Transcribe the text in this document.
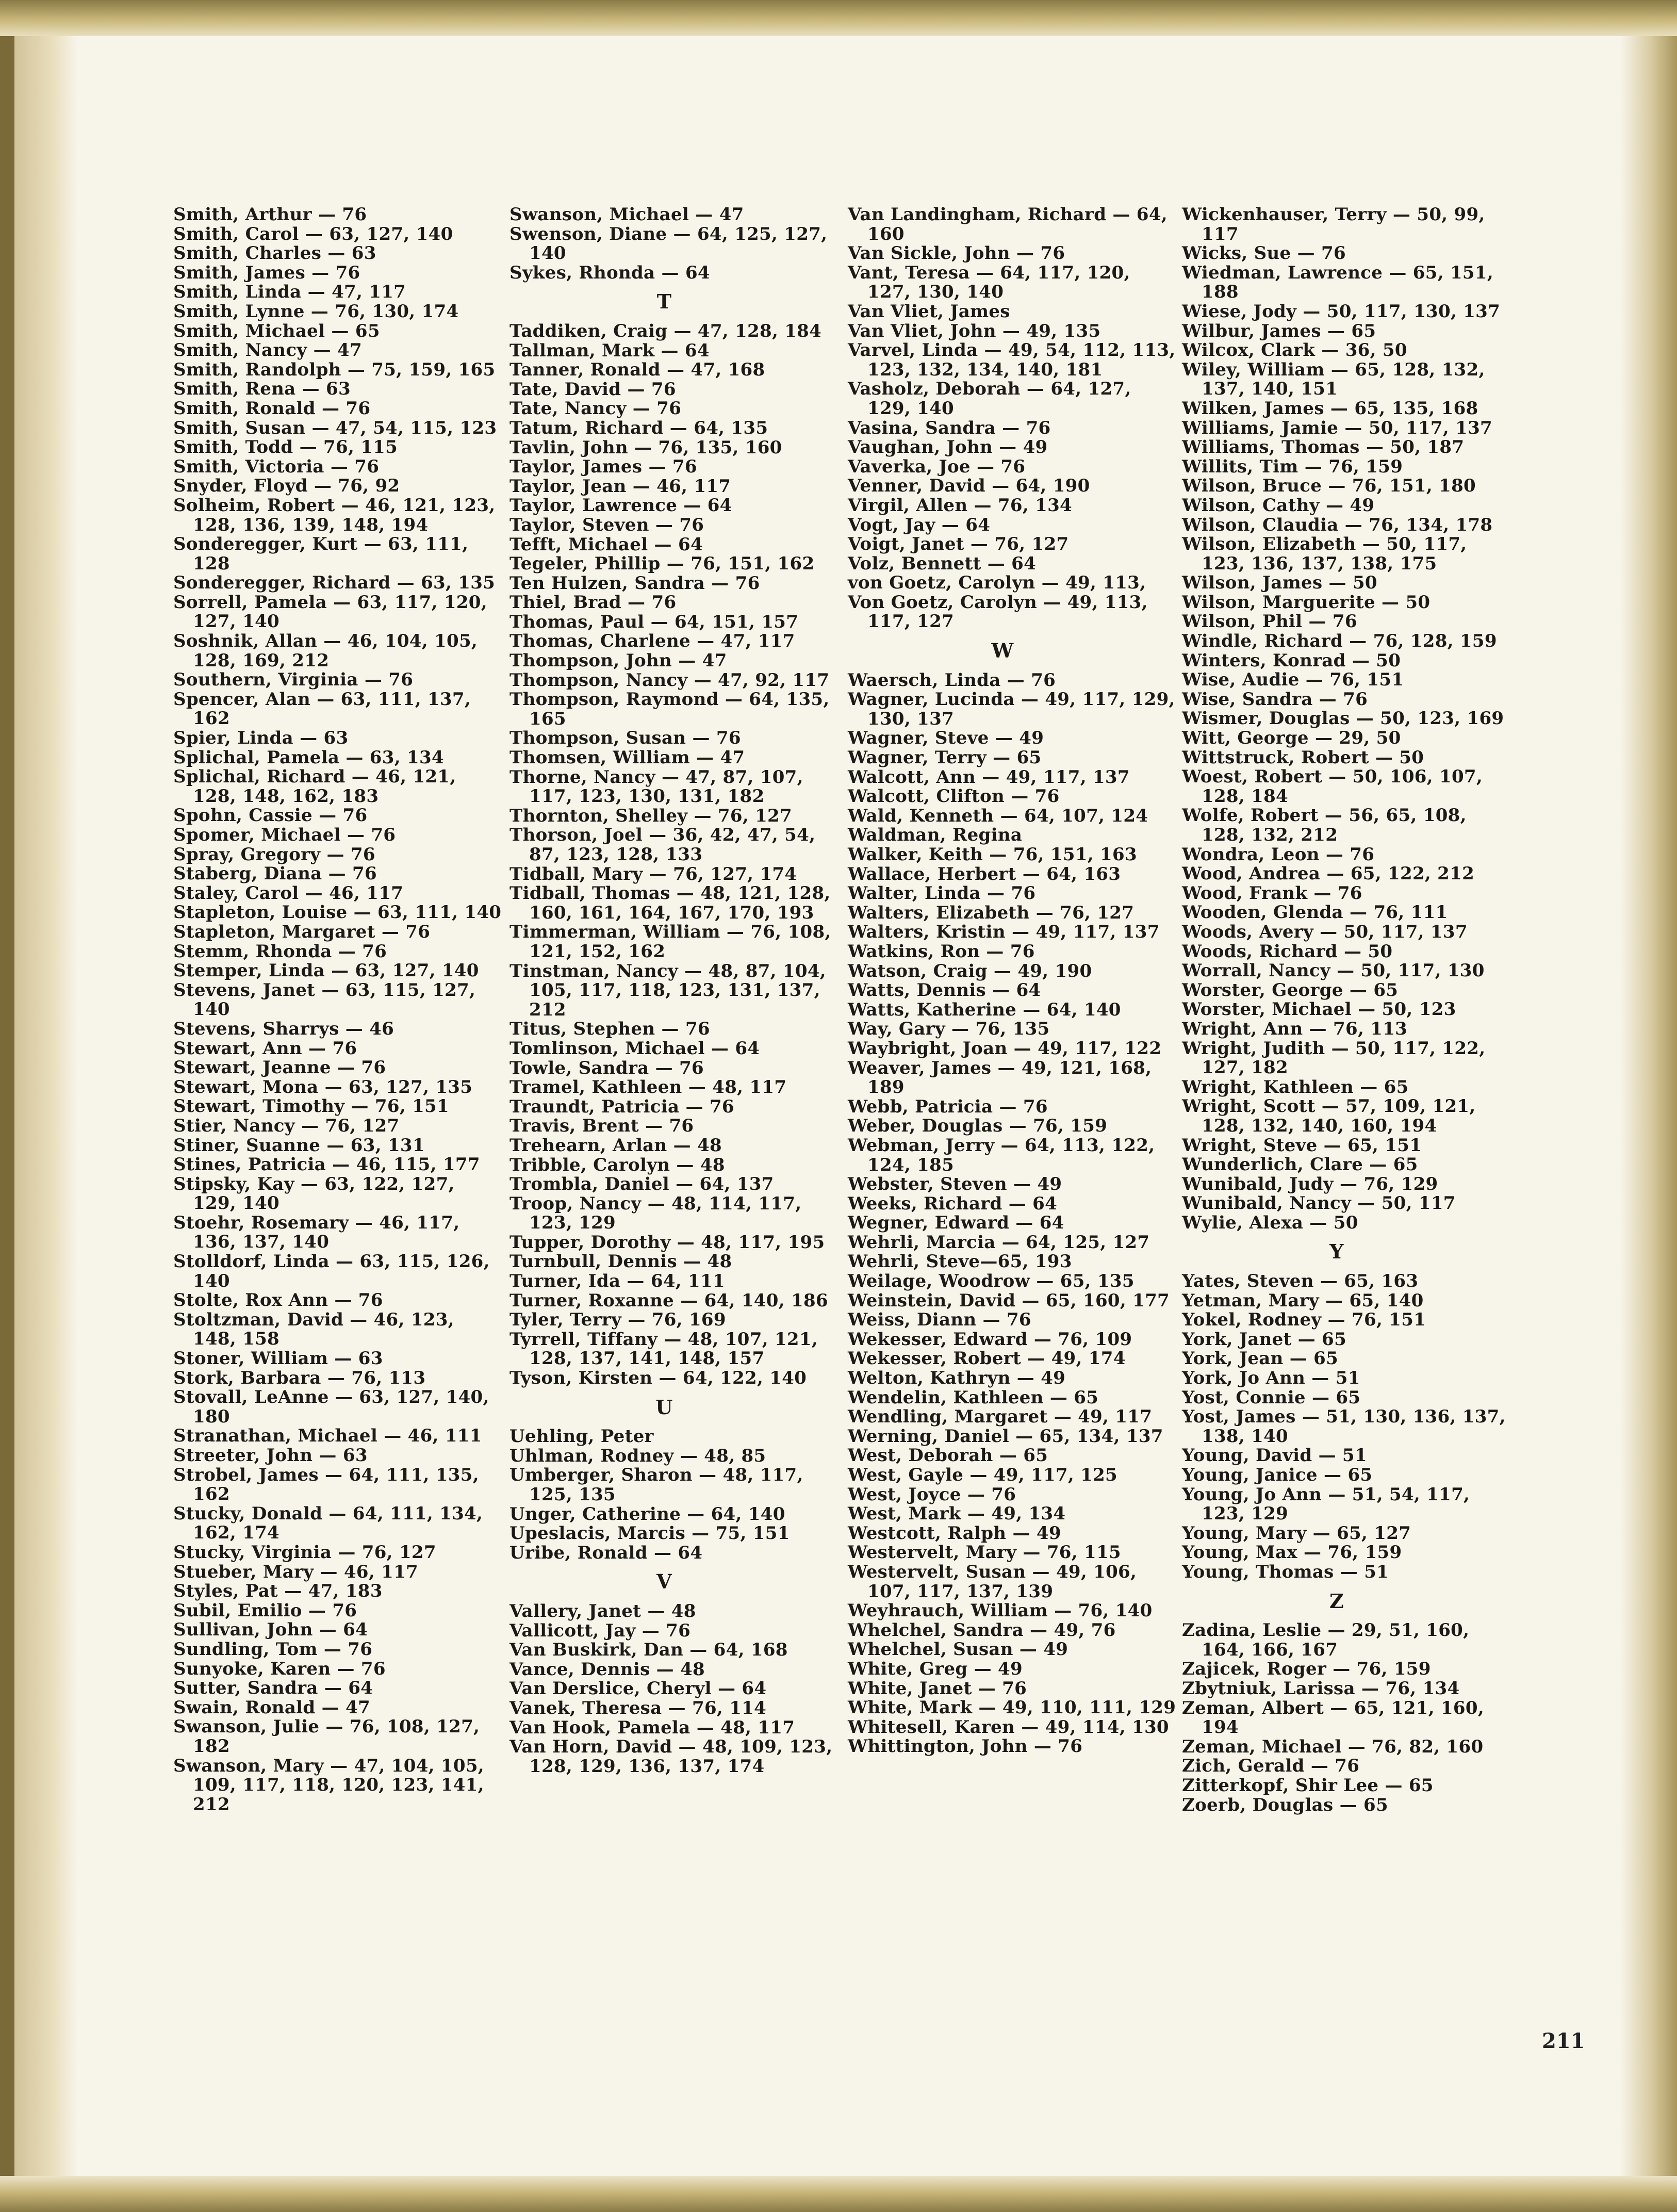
Smith, Arthur — 76
Smith, Carol — 63, 127, 140
Smith, Charles — 63
Smith, James — 76
Smith, Linda — 47, 117
Smith, Lynne — 76, 130, 174
Smith, Michael — 65
Smith, Nancy — 47
Smith, Randolph — 75, 159, 165
Smith, Rena — 63
Smith, Ronald — 76
Smith, Susan — 47, 54, 115, 123
Smith, Todd — 76, 115
Smith, Victoria — 76
Snyder, Floyd — 76, 92
Solheim, Robert — 46, 121, 123, 128, 136, 139, 148, 194
Sonderegger, Kurt — 63, 111, 128
Sonderegger, Richard — 63, 135
Sorrell, Pamela — 63, 117, 120, 127, 140
Soshnik, Allan — 46, 104, 105, 128, 169, 212
Southern, Virginia — 76
Spencer, Alan — 63, 111, 137, 162
Spier, Linda — 63
Splichal, Pamela — 63, 134
Splichal, Richard — 46, 121, 128, 148, 162, 183
Spohn, Cassie — 76
Spomer, Michael — 76
Spray, Gregory — 76
Staberg, Diana — 76
Staley, Carol — 46, 117
Stapleton, Louise — 63, 111, 140
Stapleton, Margaret — 76
Stemm, Rhonda — 76
Stemper, Linda — 63, 127, 140
Stevens, Janet — 63, 115, 127, 140
Stevens, Sharrys — 46
Stewart, Ann — 76
Stewart, Jeanne — 76
Stewart, Mona — 63, 127, 135
Stewart, Timothy — 76, 151
Stier, Nancy — 76, 127
Stiner, Suanne — 63, 131
Stines, Patricia — 46, 115, 177
Stipsky, Kay — 63, 122, 127, 129, 140
Stoehr, Rosemary — 46, 117, 136, 137, 140
Stolldorf, Linda — 63, 115, 126, 140
Stolte, Rox Ann — 76
Stoltzman, David — 46, 123, 148, 158
Stoner, William — 63
Stork, Barbara — 76, 113
Stovall, LeAnne — 63, 127, 140, 180
Stranathan, Michael — 46, 111
Streeter, John — 63
Strobel, James — 64, 111, 135, 162
Stucky, Donald — 64, 111, 134, 162, 174
Stucky, Virginia — 76, 127
Stueber, Mary — 46, 117
Styles, Pat — 47, 183
Subil, Emilio — 76
Sullivan, John — 64
Sundling, Tom — 76
Sunyoke, Karen — 76
Sutter, Sandra — 64
Swain, Ronald — 47
Swanson, Julie — 76, 108, 127, 182
Swanson, Mary — 47, 104, 105, 109, 117, 118, 120, 123, 141, 212
Swanson, Michael — 47
Swenson, Diane — 64, 125, 127, 140
Sykes, Rhonda — 64
T
Taddiken, Craig — 47, 128, 184
Tallman, Mark — 64
Tanner, Ronald — 47, 168
Tate, David — 76
Tate, Nancy — 76
Tatum, Richard — 64, 135
Tavlin, John — 76, 135, 160
Taylor, James — 76
Taylor, Jean — 46, 117
Taylor, Lawrence — 64
Taylor, Steven — 76
Tefft, Michael — 64
Tegeler, Phillip — 76, 151, 162
Ten Hulzen, Sandra — 76
Thiel, Brad — 76
Thomas, Paul — 64, 151, 157
Thomas, Charlene — 47, 117
Thompson, John — 47
Thompson, Nancy — 47, 92, 117
Thompson, Raymond — 64, 135, 165
Thompson, Susan — 76
Thomsen, William — 47
Thorne, Nancy — 47, 87, 107, 117, 123, 130, 131, 182
Thornton, Shelley — 76, 127
Thorson, Joel — 36, 42, 47, 54, 87, 123, 128, 133
Tidball, Mary — 76, 127, 174
Tidball, Thomas — 48, 121, 128, 160, 161, 164, 167, 170, 193
Timmerman, William — 76, 108, 121, 152, 162
Tinstman, Nancy — 48, 87, 104, 105, 117, 118, 123, 131, 137, 212
Titus, Stephen — 76
Tomlinson, Michael — 64
Towle, Sandra — 76
Tramel, Kathleen — 48, 117
Traundt, Patricia — 76
Travis, Brent — 76
Trehearn, Arlan — 48
Tribble, Carolyn — 48
Trombla, Daniel — 64, 137
Troop, Nancy — 48, 114, 117, 123, 129
Tupper, Dorothy — 48, 117, 195
Turnbull, Dennis — 48
Turner, Ida — 64, 111
Turner, Roxanne — 64, 140, 186
Tyler, Terry — 76, 169
Tyrrell, Tiffany — 48, 107, 121, 128, 137, 141, 148, 157
Tyson, Kirsten — 64, 122, 140
U
Uehling, Peter
Uhlman, Rodney — 48, 85
Umberger, Sharon — 48, 117, 125, 135
Unger, Catherine — 64, 140
Upeslacis, Marcis — 75, 151
Uribe, Ronald — 64
V
Vallery, Janet — 48
Vallicott, Jay — 76
Van Buskirk, Dan — 64, 168
Vance, Dennis — 48
Van Derslice, Cheryl — 64
Vanek, Theresa — 76, 114
Van Hook, Pamela — 48, 117
Van Horn, David — 48, 109, 123, 128, 129, 136, 137, 174
Van Landingham, Richard — 64, 160
Van Sickle, John — 76
Vant, Teresa — 64, 117, 120, 127, 130, 140
Van Vliet, James
Van Vliet, John — 49, 135
Varvel, Linda — 49, 54, 112, 113, 123, 132, 134, 140, 181
Vasholz, Deborah — 64, 127, 129, 140
Vasina, Sandra — 76
Vaughan, John — 49
Vaverka, Joe — 76
Venner, David — 64, 190
Virgil, Allen — 76, 134
Vogt, Jay — 64
Voigt, Janet — 76, 127
Volz, Bennett — 64
von Goetz, Carolyn — 49, 113,
Von Goetz, Carolyn — 49, 113, 117, 127
W
Waersch, Linda — 76
Wagner, Lucinda — 49, 117, 129, 130, 137
Wagner, Steve — 49
Wagner, Terry — 65
Walcott, Ann — 49, 117, 137
Walcott, Clifton — 76
Wald, Kenneth — 64, 107, 124
Waldman, Regina
Walker, Keith — 76, 151, 163
Wallace, Herbert — 64, 163
Walter, Linda — 76
Walters, Elizabeth — 76, 127
Walters, Kristin — 49, 117, 137
Watkins, Ron — 76
Watson, Craig — 49, 190
Watts, Dennis — 64
Watts, Katherine — 64, 140
Way, Gary — 76, 135
Waybright, Joan — 49, 117, 122
Weaver, James — 49, 121, 168, 189
Webb, Patricia — 76
Weber, Douglas — 76, 159
Webman, Jerry — 64, 113, 122, 124, 185
Webster, Steven — 49
Weeks, Richard — 64
Wegner, Edward — 64
Wehrli, Marcia — 64, 125, 127
Wehrli, Steve—65, 193
Weilage, Woodrow — 65, 135
Weinstein, David — 65, 160, 177
Weiss, Diann — 76
Wekesser, Edward — 76, 109
Wekesser, Robert — 49, 174
Welton, Kathryn — 49
Wendelin, Kathleen — 65
Wendling, Margaret — 49, 117
Werning, Daniel — 65, 134, 137
West, Deborah — 65
West, Gayle — 49, 117, 125
West, Joyce — 76
West, Mark — 49, 134
Westcott, Ralph — 49
Westervelt, Mary — 76, 115
Westervelt, Susan — 49, 106, 107, 117, 137, 139
Weyhrauch, William — 76, 140
Whelchel, Sandra — 49, 76
Whelchel, Susan — 49
White, Greg — 49
White, Janet — 76
White, Mark — 49, 110, 111, 129
Whitesell, Karen — 49, 114, 130
Whittington, John — 76
Wickenhauser, Terry — 50, 99, 117
Wicks, Sue — 76
Wiedman, Lawrence — 65, 151, 188
Wiese, Jody — 50, 117, 130, 137
Wilbur, James — 65
Wilcox, Clark — 36, 50
Wiley, William — 65, 128, 132, 137, 140, 151
Wilken, James — 65, 135, 168
Williams, Jamie — 50, 117, 137
Williams, Thomas — 50, 187
Willits, Tim — 76, 159
Wilson, Bruce — 76, 151, 180
Wilson, Cathy — 49
Wilson, Claudia — 76, 134, 178
Wilson, Elizabeth — 50, 117, 123, 136, 137, 138, 175
Wilson, James — 50
Wilson, Marguerite — 50
Wilson, Phil — 76
Windle, Richard — 76, 128, 159
Winters, Konrad — 50
Wise, Audie — 76, 151
Wise, Sandra — 76
Wismer, Douglas — 50, 123, 169
Witt, George — 29, 50
Wittstruck, Robert — 50
Woest, Robert — 50, 106, 107, 128, 184
Wolfe, Robert — 56, 65, 108, 128, 132, 212
Wondra, Leon — 76
Wood, Andrea — 65, 122, 212
Wood, Frank — 76
Wooden, Glenda — 76, 111
Woods, Avery — 50, 117, 137
Woods, Richard — 50
Worrall, Nancy — 50, 117, 130
Worster, George — 65
Worster, Michael — 50, 123
Wright, Ann — 76, 113
Wright, Judith — 50, 117, 122, 127, 182
Wright, Kathleen — 65
Wright, Scott — 57, 109, 121, 128, 132, 140, 160, 194
Wright, Steve — 65, 151
Wunderlich, Clare — 65
Wunibald, Judy — 76, 129
Wunibald, Nancy — 50, 117
Wylie, Alexa — 50
Y
Yates, Steven — 65, 163
Yetman, Mary — 65, 140
Yokel, Rodney — 76, 151
York, Janet — 65
York, Jean — 65
York, Jo Ann — 51
Yost, Connie — 65
Yost, James — 51, 130, 136, 137, 138, 140
Young, David — 51
Young, Janice — 65
Young, Jo Ann — 51, 54, 117, 123, 129
Young, Mary — 65, 127
Young, Max — 76, 159
Young, Thomas — 51
Z
Zadina, Leslie — 29, 51, 160, 164, 166, 167
Zajicek, Roger — 76, 159
Zbytniuk, Larissa — 76, 134
Zeman, Albert — 65, 121, 160, 194
Zeman, Michael — 76, 82, 160
Zich, Gerald — 76
Zitterkopf, Shir Lee — 65
Zoerb, Douglas — 65
211
